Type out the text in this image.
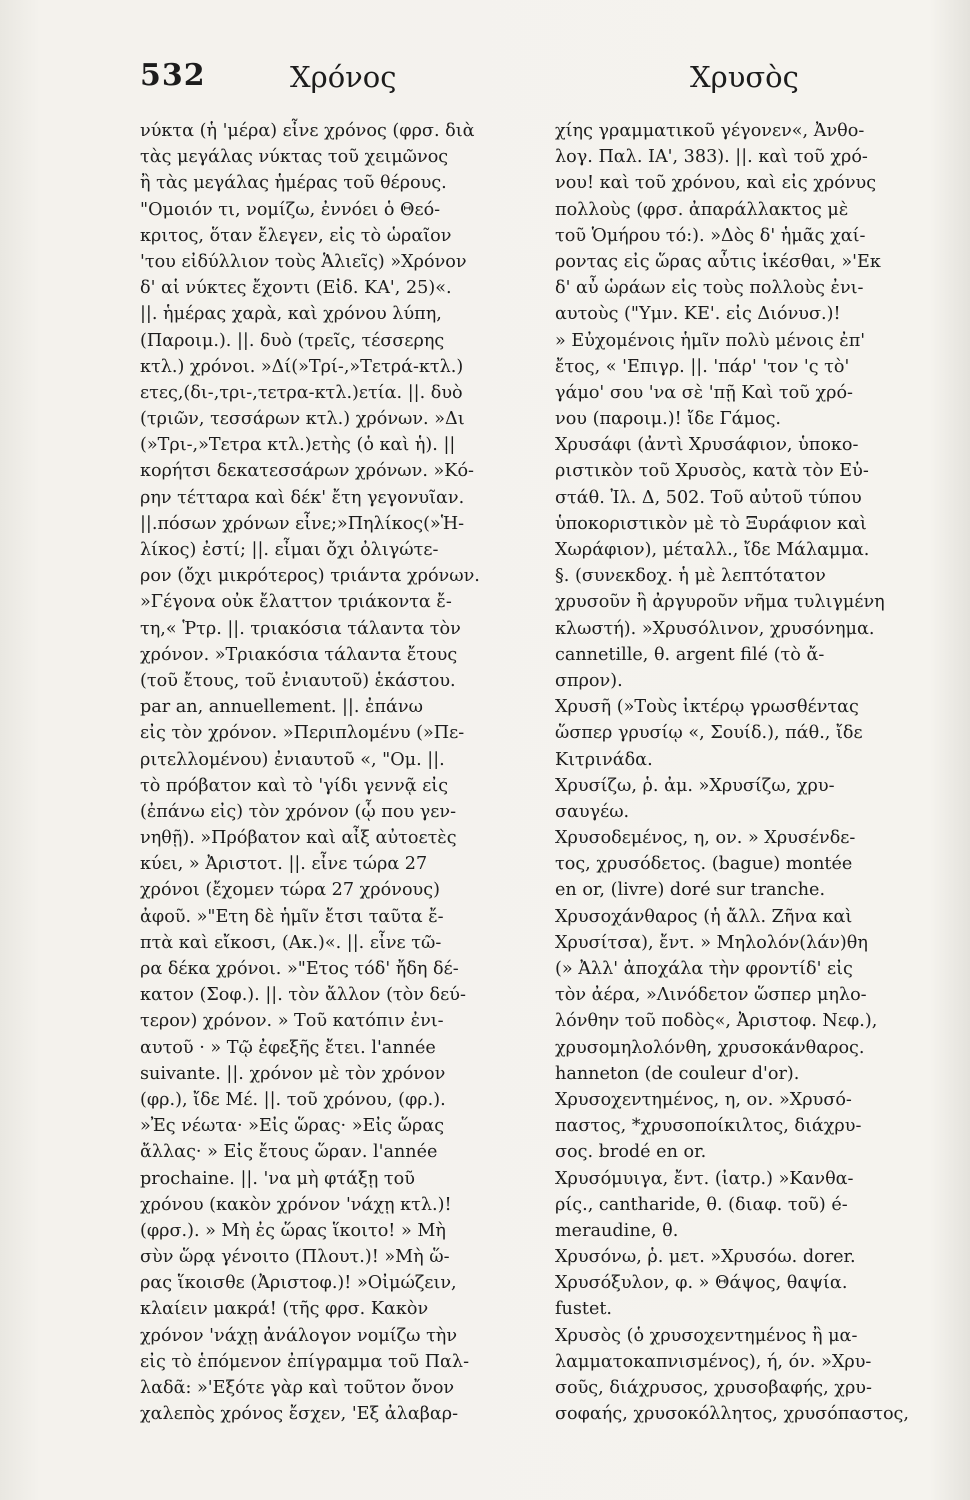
532	Χρόνος	Χρυσὸς
νύκτα (ἡ 'μέρα) εἶνε χρόνος (φρσ. διὰ
τὰς μεγάλας νύκτας τοῦ χειμῶνος
ἢ τὰς μεγάλας ἡμέρας τοῦ θέρους.
"Ομοιόν τι, νομίζω, ἐννόει ὁ Θεό-
κριτος, ὅταν ἔλεγεν, εἰς τὸ ὡραῖον
'του εἰδύλλιον τοὺς Ἁλιεῖς) »Χρόνον
δ' αἱ νύκτες ἔχοντι (Εἰδ. ΚΑ', 25)«.
||. ἡμέρας χαρὰ, καὶ χρόνου λύπη,
(Παροιμ.). ||. δυὸ (τρεῖς, τέσσερης
κτλ.) χρόνοι. »Δί(»Τρί-,»Τετρά-κτλ.)
ετες,(δι-,τρι-,τετρα-κτλ.)ετία. ||. δυὸ
(τριῶν, τεσσάρων κτλ.) χρόνων. »Δι
(»Τρι-,»Τετρα κτλ.)ετὴς (ὁ καὶ ἡ). ||
κορήτσι δεκατεσσάρων χρόνων. »Κό-
ρην τέτταρα καὶ δέκ' ἔτη γεγονυῖαν.
||.πόσων χρόνων εἶνε;»Πηλίκος(»Ἡ-
λίκος) ἐστί; ||. εἶμαι ὄχι ὀλιγώτε-
ρον (ὄχι μικρότερος) τριάντα χρόνων.
»Γέγονα οὐκ ἔλαττον τριάκοντα ἔ-
τη,« Ῥτρ. ||. τριακόσια τάλαντα τὸν
χρόνον. »Τριακόσια τάλαντα ἔτους
(τοῦ ἔτους, τοῦ ἐνιαυτοῦ) ἑκάστου.
par an, annuellement. ||. ἐπάνω
εἰς τὸν χρόνον. »Περιπλομένυ (»Πε-
ριτελλομένου) ἐνιαυτοῦ «, "Ομ. ||.
τὸ πρόβατον καὶ τὸ 'γίδι γεννᾷ εἰς
(ἐπάνω εἰς) τὸν χρόνον (ᾧ που γεν-
νηθῇ). »Πρόβατον καὶ αἶξ αὐτοετὲς
κύει, » Ἀριστοτ. ||. εἶνε τώρα 27
χρόνοι (ἔχομεν τώρα 27 χρόνους)
ἀφοῦ. »"Ετη δὲ ἡμῖν ἔτσι ταῦτα ἔ-
πτὰ καὶ εἴκοσι, (Ακ.)«. ||. εἶνε τῶ-
ρα δέκα χρόνοι. »"Ετος τόδ' ἤδη δέ-
κατον (Σοφ.). ||. τὸν ἄλλον (τὸν δεύ-
τερον) χρόνον. » Τοῦ κατόπιν ἐνι-
αυτοῦ · » Τῷ ἐφεξῆς ἔτει. l'année
suivante. ||. χρόνον μὲ τὸν χρόνον
(φρ.), ἴδε Μέ. ||. τοῦ χρόνου, (φρ.).
»Ἐς νέωτα· »Εἰς ὥρας· »Εἰς ὥρας
ἄλλας· » Εἰς ἔτους ὥραν. l'année
prochaine. ||. 'να μὴ φτάξῃ τοῦ
χρόνου (κακὸν χρόνον 'νάχῃ κτλ.)!
(φρσ.). » Μὴ ἐς ὥρας ἵκοιτο! » Μὴ
σὺν ὥρᾳ γένοιτο (Πλουτ.)! »Μὴ ὥ-
ρας ἵκοισθε (Ἀριστοφ.)! »Οἰμώζειν,
κλαίειν μακρά! (τῆς φρσ. Κακὸν
χρόνον 'νάχῃ ἀνάλογον νομίζω τὴν
εἰς τὸ ἑπόμενον ἐπίγραμμα τοῦ Παλ-
λαδᾶ: »'Εξότε γὰρ καὶ τοῦτον ὄνον
χαλεπὸς χρόνος ἔσχεν, 'Εξ ἀλαβαρ-
χίης γραμματικοῦ γέγονεν«, Ἀνθο-
λογ. Παλ. ΙΑ', 383). ||. καὶ τοῦ χρό-
νου! καὶ τοῦ χρόνου, καὶ εἰς χρόνυς
πολλοὺς (φρσ. ἀπαράλλακτος μὲ
τοῦ Ὁμήρου τό:). »Δὸς δ' ἡμᾶς χαί-
ροντας εἰς ὥρας αὖτις ἱκέσθαι, »'Εκ
δ' αὖ ὡράων εἰς τοὺς πολλοὺς ἐνι-
αυτοὺς ("Υμν. ΚΕ'. εἰς Διόνυσ.)!
» Εὐχομένοις ἡμῖν πολὺ μένοις ἐπ'
ἔτος, « 'Επιγρ. ||. 'πάρ' 'τον 'ς τὸ'
γάμο' σου 'να σὲ 'πῇ Καὶ τοῦ χρό-
νου (παροιμ.)! ἴδε Γάμος.
Χρυσάφι (ἀντὶ Χρυσάφιον, ὑποκο-
ριστικὸν τοῦ Χρυσὸς, κατὰ τὸν Εὐ-
στάθ. Ἰλ. Δ, 502. Τοῦ αὐτοῦ τύπου
ὑποκοριστικὸν μὲ τὸ Ξυράφιον καὶ
Χωράφιον), μέταλλ., ἴδε Μάλαμμα.
§. (συνεκδοχ. ἡ μὲ λεπτότατον
χρυσοῦν ἢ ἀργυροῦν νῆμα τυλιγμένη
κλωστή). »Χρυσόλινον, χρυσόνημα.
cannetille, θ. argent filé (τὸ ἄ-
σπρον).
Χρυσῆ (»Τοὺς ἰκτέρῳ γρωσθέντας
ὥσπερ γρυσίῳ «, Σουίδ.), πάθ., ἴδε
Κιτρινάδα.
Χρυσίζω, ῥ. ἀμ. »Χρυσίζω, χρυ-
σαυγέω.
Χρυσοδεμένος, η, ον. » Χρυσένδε-
τος, χρυσόδετος. (bague) montée
en or, (livre) doré sur tranche.
Χρυσοχάνθαρος (ἡ ἄλλ. Ζῆνα καὶ
Χρυσίτσα), ἔντ. » Μηλολόν(λάν)θη
(» Ἀλλ' ἀποχάλα τὴν φροντίδ' εἰς
τὸν ἀέρα, »Λινόδετον ὥσπερ μηλο-
λόνθην τοῦ ποδὸς«, Ἀριστοφ. Νεφ.),
χρυσομηλολόνθη, χρυσοκάνθαρος.
hanneton (de couleur d'or).
Χρυσοχεντημένος, η, ον. »Χρυσό-
παστος, *χρυσοποίκιλτος, διάχρυ-
σος. brodé en or.
Χρυσόμυιγα, ἔντ. (ἰατρ.) »Κανθα-
ρίς., cantharide, θ. (διαφ. τοῦ) é-
meraudine, θ.
Χρυσόνω, ῥ. μετ. »Χρυσόω. dorer.
Χρυσόξυλον, φ. » Θάψος, θαψία.
fustet.
Χρυσὸς (ὁ χρυσοχεντημένος ἢ μα-
λαμματοκαπνισμένος), ή, όν. »Χρυ-
σοῦς, διάχρυσος, χρυσοβαφής, χρυ-
σοφαής, χρυσοκόλλητος, χρυσόπαστος,
